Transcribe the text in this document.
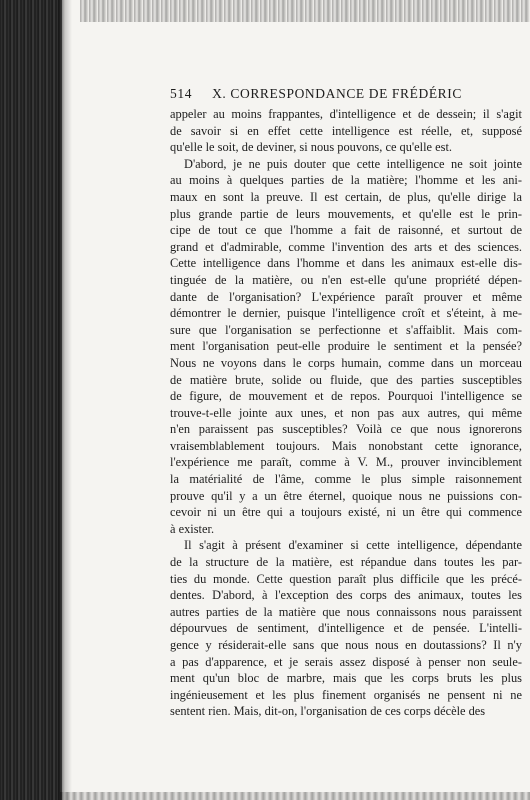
514 X. CORRESPONDANCE DE FRÉDÉRIC
appeler au moins frappantes, d'intelligence et de dessein; il s'agit
de savoir si en effet cette intelligence est réelle, et, supposé
qu'elle le soit, de deviner, si nous pouvons, ce qu'elle est.
D'abord, je ne puis douter que cette intelligence ne soit jointe
au moins à quelques parties de la matière; l'homme et les ani-
maux en sont la preuve. Il est certain, de plus, qu'elle dirige la
plus grande partie de leurs mouvements, et qu'elle est le prin-
cipe de tout ce que l'homme a fait de raisonné, et surtout de
grand et d'admirable, comme l'invention des arts et des sciences.
Cette intelligence dans l'homme et dans les animaux est-elle dis-
tinguée de la matière, ou n'en est-elle qu'une propriété dépen-
dante de l'organisation? L'expérience paraît prouver et même
démontrer le dernier, puisque l'intelligence croît et s'éteint, à me-
sure que l'organisation se perfectionne et s'affaiblit. Mais com-
ment l'organisation peut-elle produire le sentiment et la pensée?
Nous ne voyons dans le corps humain, comme dans un morceau
de matière brute, solide ou fluide, que des parties susceptibles
de figure, de mouvement et de repos. Pourquoi l'intelligence se
trouve-t-elle jointe aux unes, et non pas aux autres, qui même
n'en paraissent pas susceptibles? Voilà ce que nous ignorerons
vraisemblablement toujours. Mais nonobstant cette ignorance,
l'expérience me paraît, comme à V. M., prouver invinciblement
la matérialité de l'âme, comme le plus simple raisonnement
prouve qu'il y a un être éternel, quoique nous ne puissions con-
cevoir ni un être qui a toujours existé, ni un être qui commence
à exister.
Il s'agit à présent d'examiner si cette intelligence, dépendante
de la structure de la matière, est répandue dans toutes les par-
ties du monde. Cette question paraît plus difficile que les précé-
dentes. D'abord, à l'exception des corps des animaux, toutes les
autres parties de la matière que nous connaissons nous paraissent
dépourvues de sentiment, d'intelligence et de pensée. L'intelli-
gence y résiderait-elle sans que nous nous en doutassions? Il n'y
a pas d'apparence, et je serais assez disposé à penser non seule-
ment qu'un bloc de marbre, mais que les corps bruts les plus
ingénieusement et les plus finement organisés ne pensent ni ne
sentent rien. Mais, dit-on, l'organisation de ces corps décèle des
